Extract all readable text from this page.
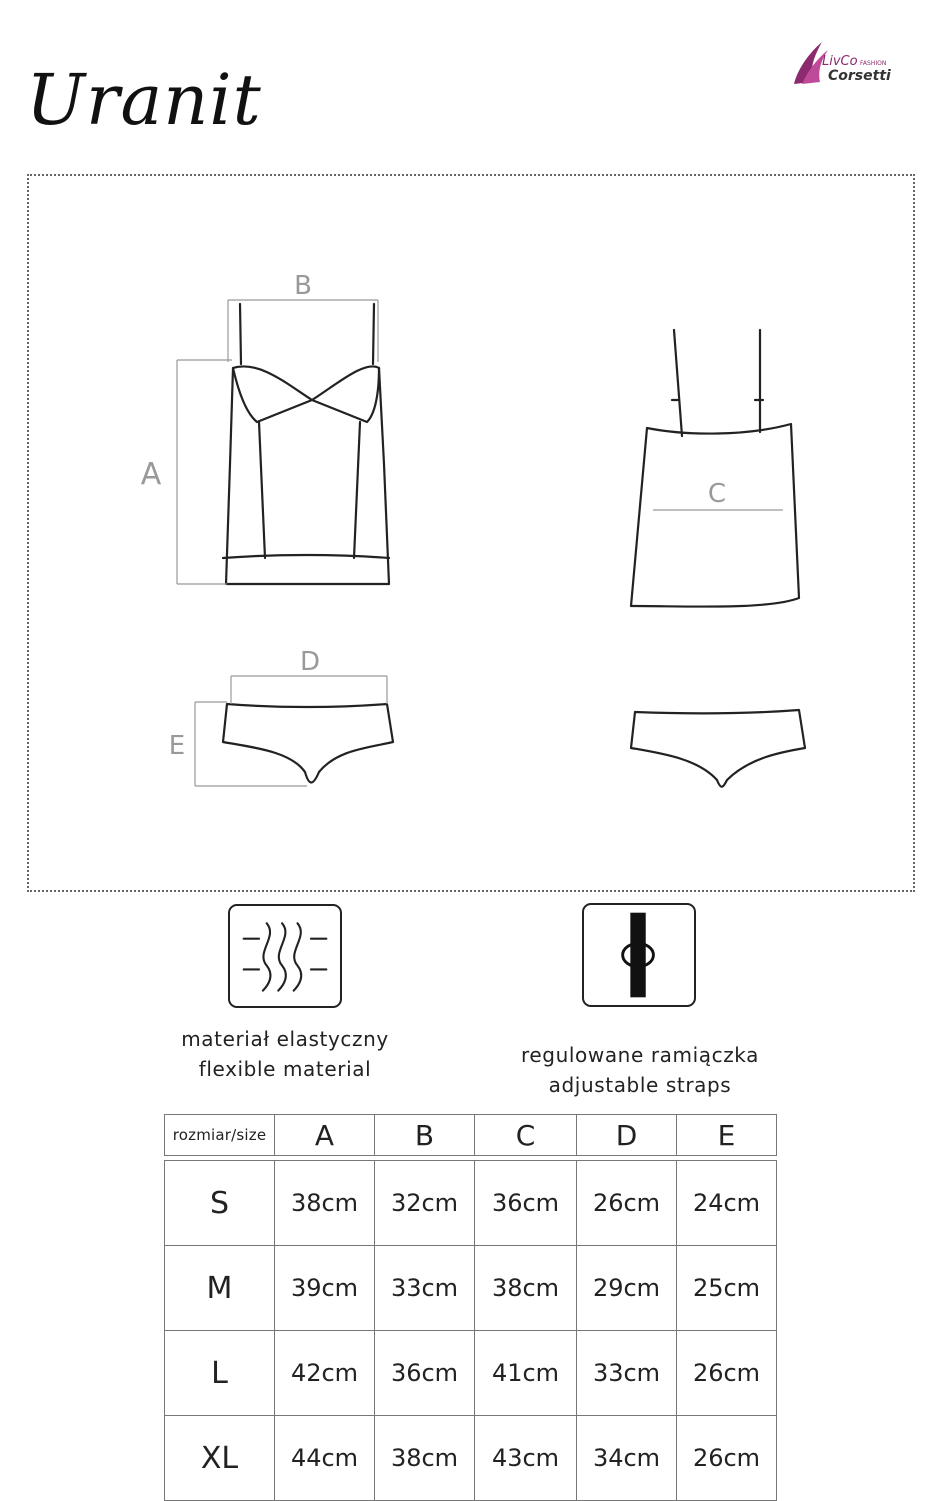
Uranit	LivCo FASHION
Corsetti
B
A
C
D
E
materiał elastyczny
flexible material
regulowane ramiączka
adjustable straps
rozmiar/size	A	B	C	D	E

S	38cm	32cm	36cm	26cm	24cm
M	39cm	33cm	38cm	29cm	25cm
L	42cm	36cm	41cm	33cm	26cm
XL	44cm	38cm	43cm	34cm	26cm
